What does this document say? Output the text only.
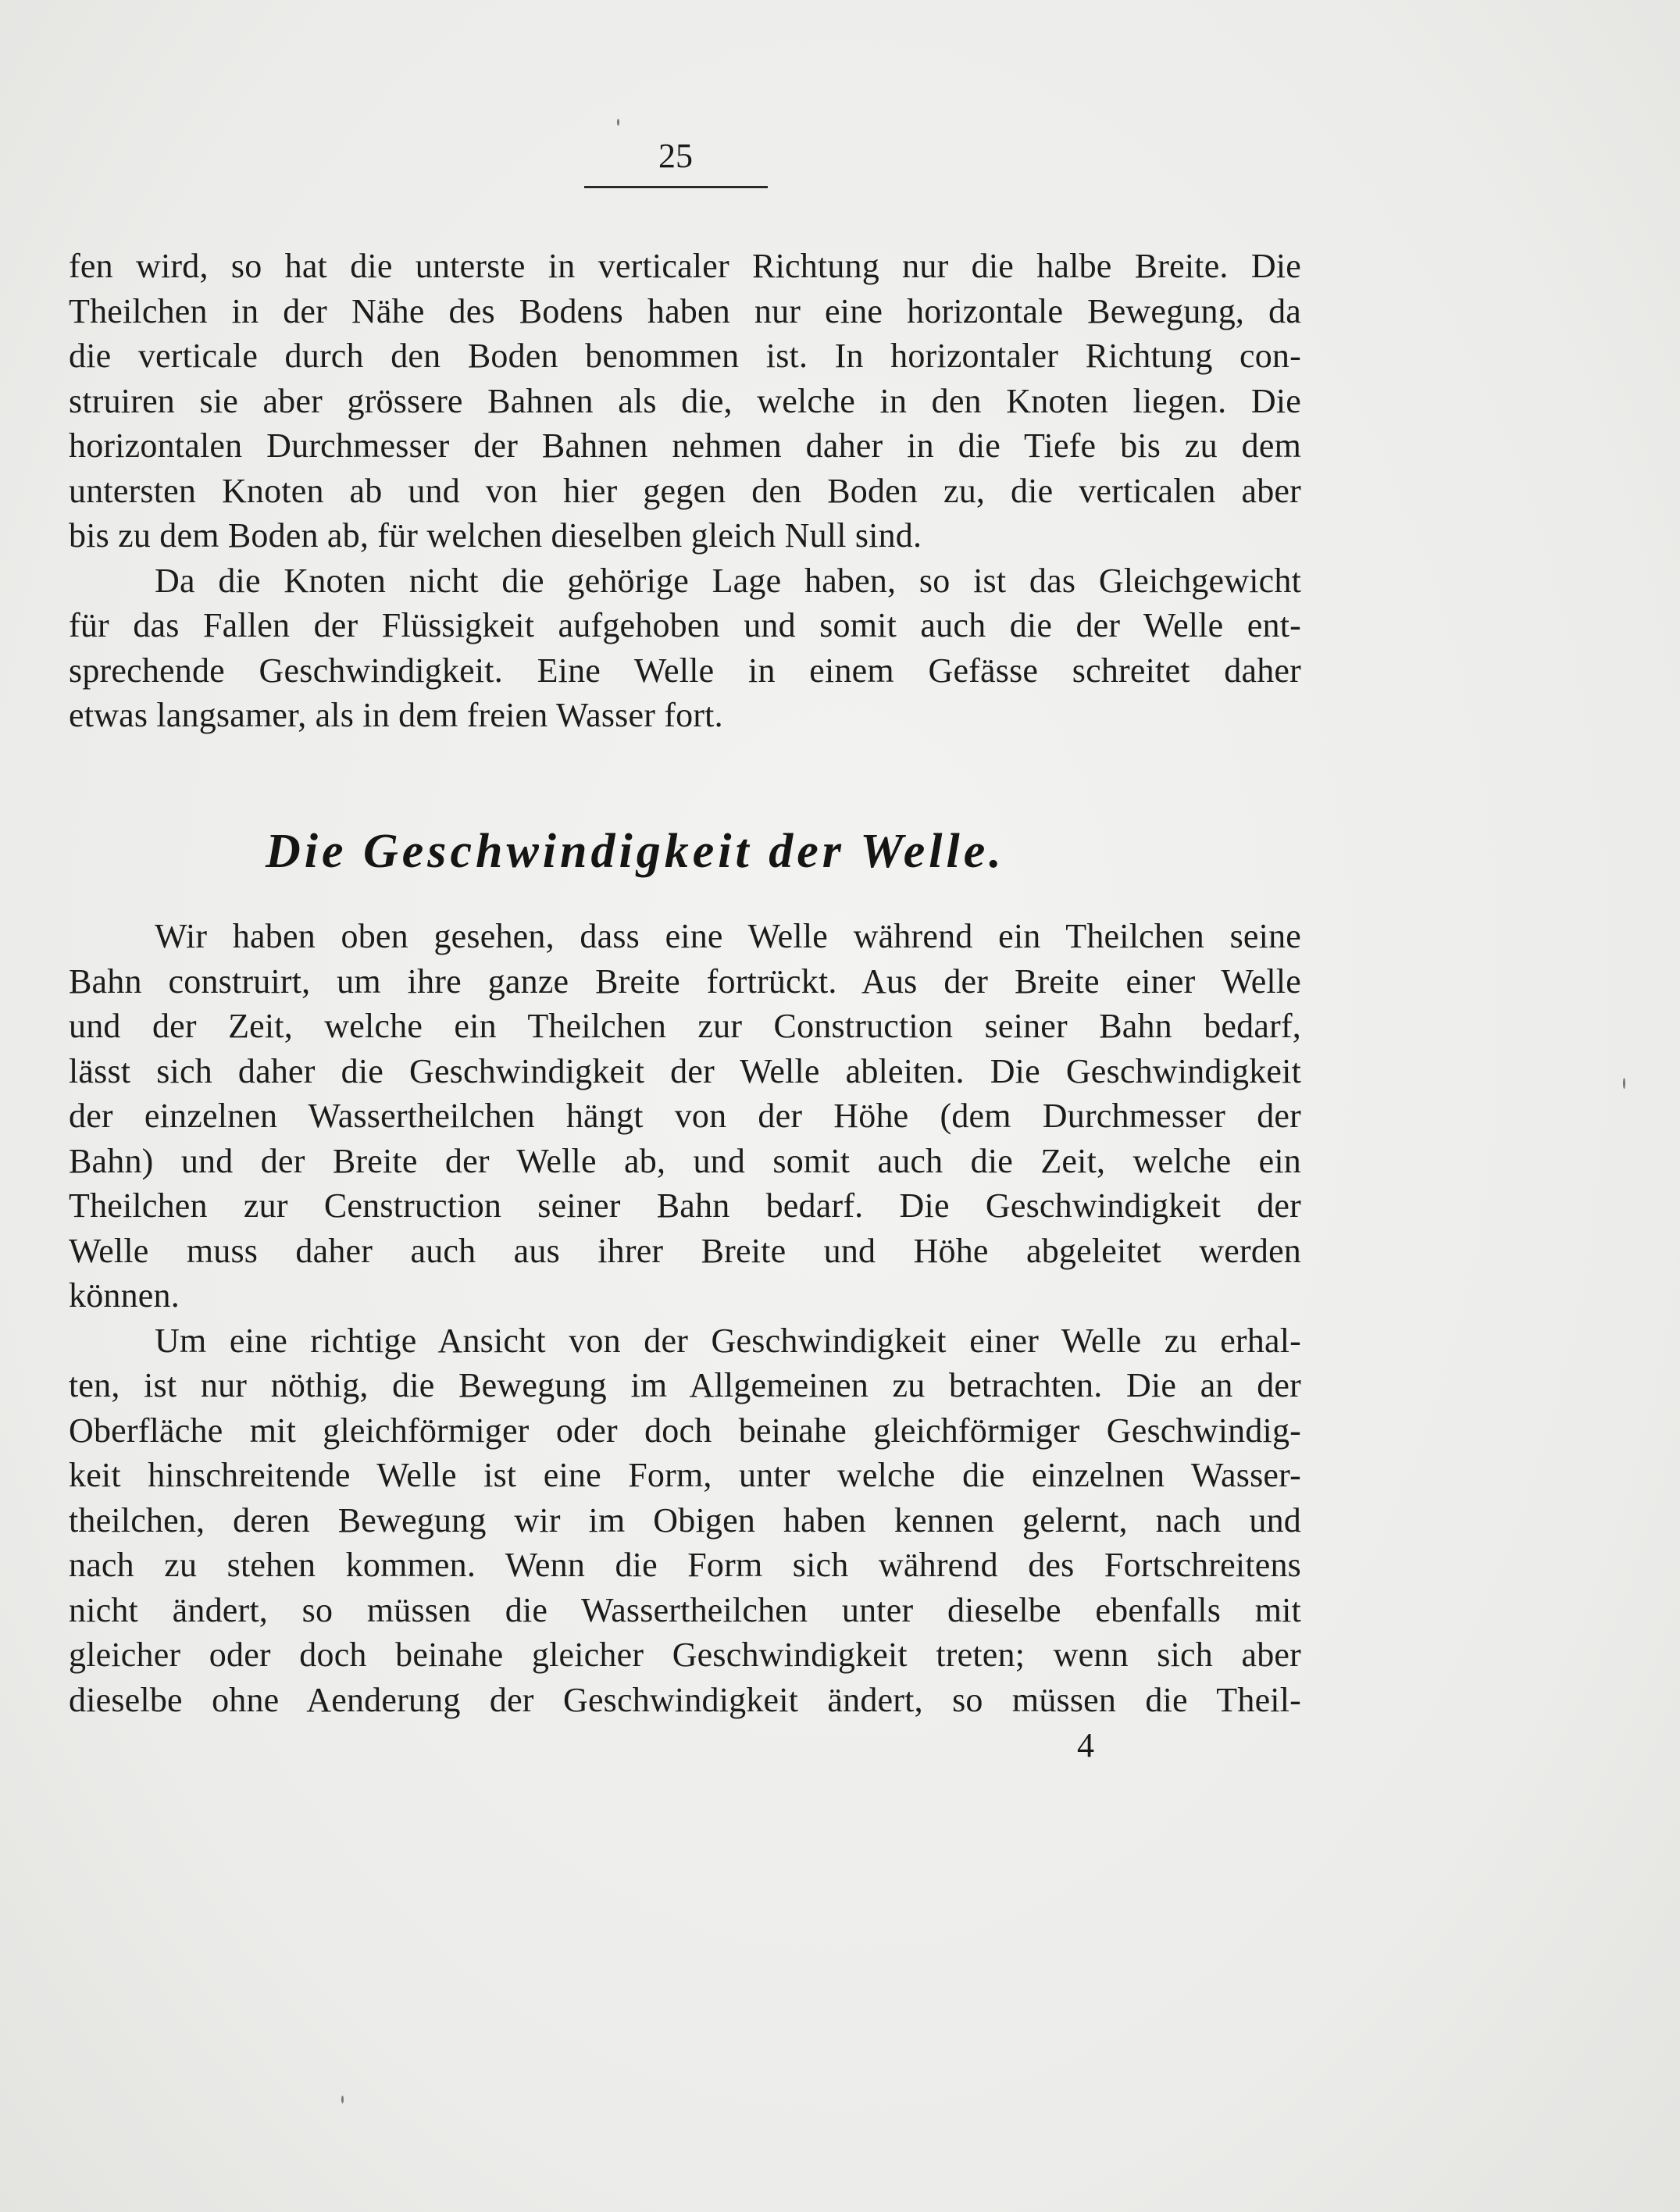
25
fen wird, so hat die unterste in verticaler Richtung nur die halbe Breite. Die
Theilchen in der Nähe des Bodens haben nur eine horizontale Bewegung, da
die verticale durch den Boden benommen ist. In horizontaler Richtung con-
struiren sie aber grössere Bahnen als die, welche in den Knoten liegen. Die
horizontalen Durchmesser der Bahnen nehmen daher in die Tiefe bis zu dem
untersten Knoten ab und von hier gegen den Boden zu, die verticalen aber
bis zu dem Boden ab, für welchen dieselben gleich Null sind.
Da die Knoten nicht die gehörige Lage haben, so ist das Gleichgewicht
für das Fallen der Flüssigkeit aufgehoben und somit auch die der Welle ent-
sprechende Geschwindigkeit. Eine Welle in einem Gefässe schreitet daher
etwas langsamer, als in dem freien Wasser fort.
Die Geschwindigkeit der Welle.
Wir haben oben gesehen, dass eine Welle während ein Theilchen seine
Bahn construirt, um ihre ganze Breite fortrückt. Aus der Breite einer Welle
und der Zeit, welche ein Theilchen zur Construction seiner Bahn bedarf,
lässt sich daher die Geschwindigkeit der Welle ableiten. Die Geschwindigkeit
der einzelnen Wassertheilchen hängt von der Höhe (dem Durchmesser der
Bahn) und der Breite der Welle ab, und somit auch die Zeit, welche ein
Theilchen zur Censtruction seiner Bahn bedarf. Die Geschwindigkeit der
Welle muss daher auch aus ihrer Breite und Höhe abgeleitet werden
können.
Um eine richtige Ansicht von der Geschwindigkeit einer Welle zu erhal-
ten, ist nur nöthig, die Bewegung im Allgemeinen zu betrachten. Die an der
Oberfläche mit gleichförmiger oder doch beinahe gleichförmiger Geschwindig-
keit hinschreitende Welle ist eine Form, unter welche die einzelnen Wasser-
theilchen, deren Bewegung wir im Obigen haben kennen gelernt, nach und
nach zu stehen kommen. Wenn die Form sich während des Fortschreitens
nicht ändert, so müssen die Wassertheilchen unter dieselbe ebenfalls mit
gleicher oder doch beinahe gleicher Geschwindigkeit treten; wenn sich aber
dieselbe ohne Aenderung der Geschwindigkeit ändert, so müssen die Theil-
4
